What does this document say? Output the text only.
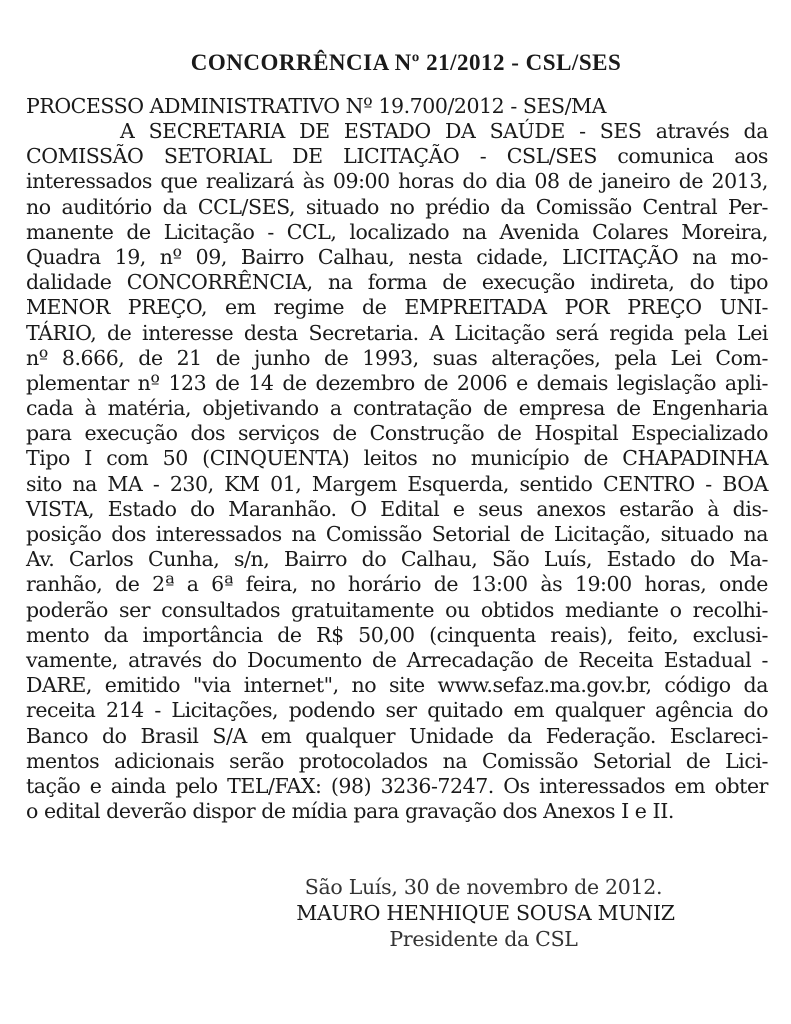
CONCORRÊNCIA Nº 21/2012 - CSL/SES

PROCESSO ADMINISTRATIVO Nº 19.700/2012 - SES/MA

A SECRETARIA DE ESTADO DA SAÚDE - SES através da
COMISSÃO SETORIAL DE LICITAÇÃO - CSL/SES comunica aos
interessados que realizará às 09:00 horas do dia 08 de janeiro de 2013,
no auditório da CCL/SES, situado no prédio da Comissão Central Per-
manente de Licitação - CCL, localizado na Avenida Colares Moreira,
Quadra 19, nº 09, Bairro Calhau, nesta cidade, LICITAÇÃO na mo-
dalidade CONCORRÊNCIA, na forma de execução indireta, do tipo
MENOR PREÇO, em regime de EMPREITADA POR PREÇO UNI-
TÁRIO, de interesse desta Secretaria. A Licitação será regida pela Lei
nº 8.666, de 21 de junho de 1993, suas alterações, pela Lei Com-
plementar nº 123 de 14 de dezembro de 2006 e demais legislação apli-
cada à matéria, objetivando a contratação de empresa de Engenharia
para execução dos serviços de Construção de Hospital Especializado
Tipo I com 50 (CINQUENTA) leitos no município de CHAPADINHA
sito na MA - 230, KM 01, Margem Esquerda, sentido CENTRO - BOA
VISTA, Estado do Maranhão. O Edital e seus anexos estarão à dis-
posição dos interessados na Comissão Setorial de Licitação, situado na
Av. Carlos Cunha, s/n, Bairro do Calhau, São Luís, Estado do Ma-
ranhão, de 2ª a 6ª feira, no horário de 13:00 às 19:00 horas, onde
poderão ser consultados gratuitamente ou obtidos mediante o recolhi-
mento da importância de R$ 50,00 (cinquenta reais), feito, exclusi-
vamente, através do Documento de Arrecadação de Receita Estadual -
DARE, emitido "via internet", no site www.sefaz.ma.gov.br, código da
receita 214 - Licitações, podendo ser quitado em qualquer agência do
Banco do Brasil S/A em qualquer Unidade da Federação. Esclareci-
mentos adicionais serão protocolados na Comissão Setorial de Lici-
tação e ainda pelo TEL/FAX: (98) 3236-7247. Os interessados em obter
o edital deverão dispor de mídia para gravação dos Anexos I e II.
São Luís, 30 de novembro de 2012.
MAURO HENHIQUE SOUSA MUNIZ
Presidente da CSL
